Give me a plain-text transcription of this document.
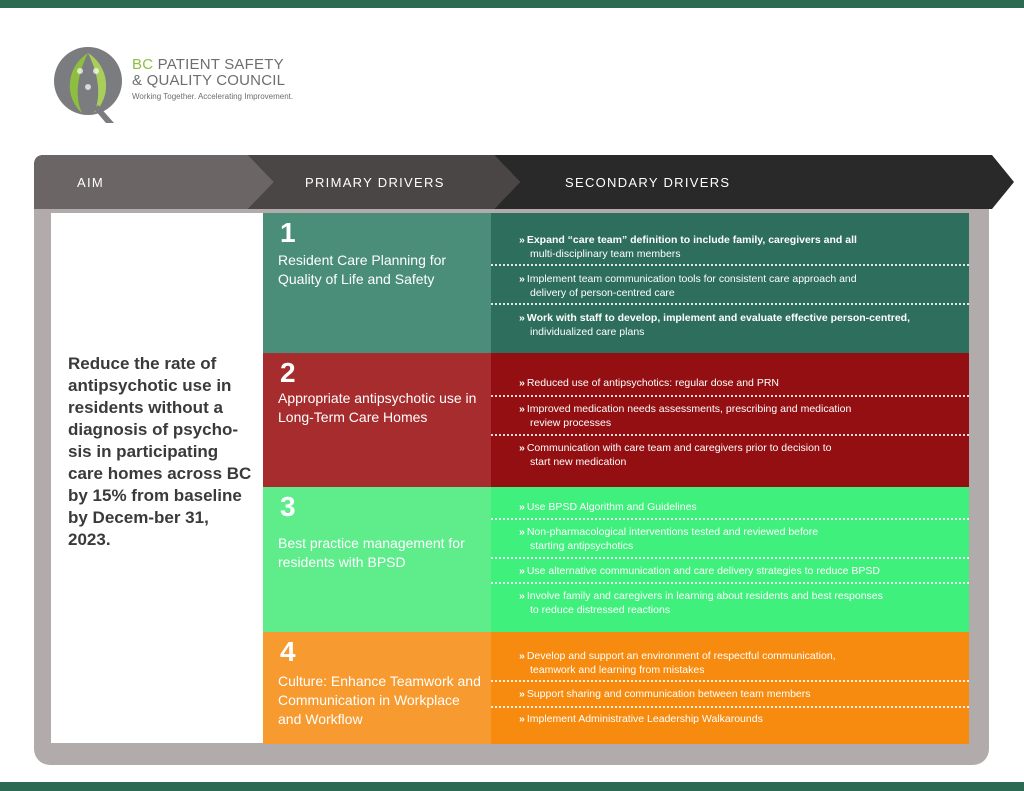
BC PATIENT SAFETY
& QUALITY COUNCIL
Working Together. Accelerating Improvement.
AIM	PRIMARY DRIVERS	SECONDARY DRIVERS
Reduce the rate of antipsychotic use in residents without a diagnosis of psycho-sis in participating care homes across BC by 15% from baseline by Decem-ber 31, 2023.
1
Resident Care Planning for Quality of Life and Safety
» Expand “care team” definition to include family, caregivers and all
multi-disciplinary team members
» Implement team communication tools for consistent care approach and
delivery of person-centred care
» Work with staff to develop, implement and evaluate effective person-centred,
individualized care plans
2
Appropriate antipsychotic use in Long-Term Care Homes
» Reduced use of antipsychotics: regular dose and PRN
» Improved medication needs assessments, prescribing and medication
review processes
» Communication with care team and caregivers prior to decision to
start new medication
3
Best practice management for residents with BPSD
» Use BPSD Algorithm and Guidelines
» Non-pharmacological interventions tested and reviewed before
starting antipsychotics
» Use alternative communication and care delivery strategies to reduce BPSD
» Involve family and caregivers in learning about residents and best responses
to reduce distressed reactions
4
Culture: Enhance Teamwork and Communication in Workplace and Workflow
» Develop and support an environment of respectful communication,
teamwork and learning from mistakes
» Support sharing and communication between team members
» Implement Administrative Leadership Walkarounds
